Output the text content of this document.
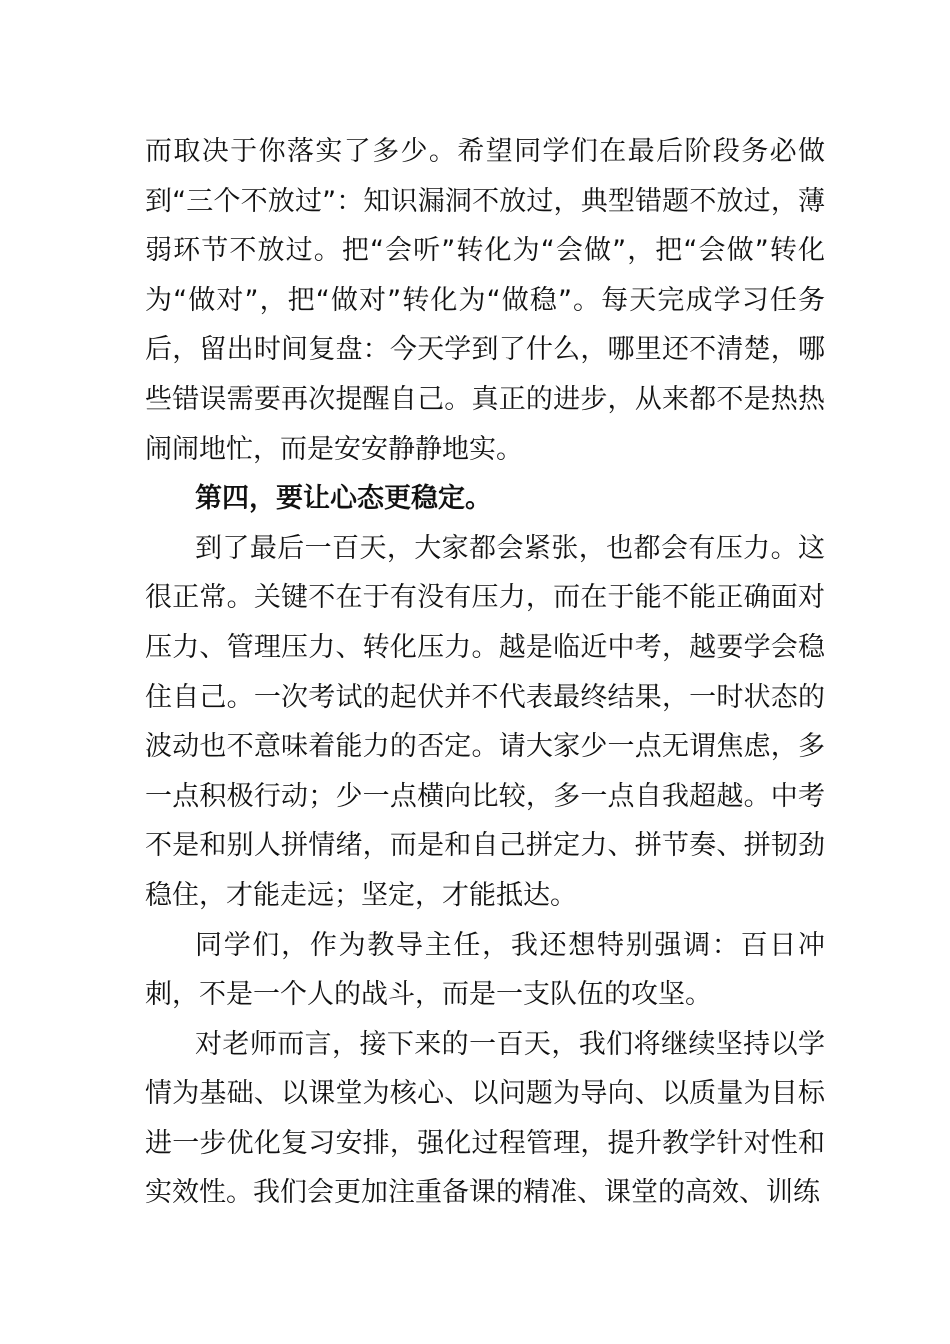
而取决于你落实了多少。希望同学们在最后阶段务必做到“三个不放过”：知识漏洞不放过，典型错题不放过，薄弱环节不放过。把“会听”转化为“会做”，把“会做”转化为“做对”，把“做对”转化为“做稳”。每天完成学习任务后，留出时间复盘：今天学到了什么，哪里还不清楚，哪些错误需要再次提醒自己。真正的进步，从来都不是热热闹闹地忙，而是安安静静地实。

第四，要让心态更稳定。

到了最后一百天，大家都会紧张，也都会有压力。这很正常。关键不在于有没有压力，而在于能不能正确面对压力、管理压力、转化压力。越是临近中考，越要学会稳住自己。一次考试的起伏并不代表最终结果，一时状态的波动也不意味着能力的否定。请大家少一点无谓焦虑，多一点积极行动；少一点横向比较，多一点自我超越。中考不是和别人拼情绪，而是和自己拼定力、拼节奏、拼韧劲稳住，才能走远；坚定，才能抵达。

同学们，作为教导主任，我还想特别强调：百日冲刺，不是一个人的战斗，而是一支队伍的攻坚。

对老师而言，接下来的一百天，我们将继续坚持以学情为基础、以课堂为核心、以问题为导向、以质量为目标进一步优化复习安排，强化过程管理，提升教学针对性和实效性。我们会更加注重备课的精准、课堂的高效、训练
